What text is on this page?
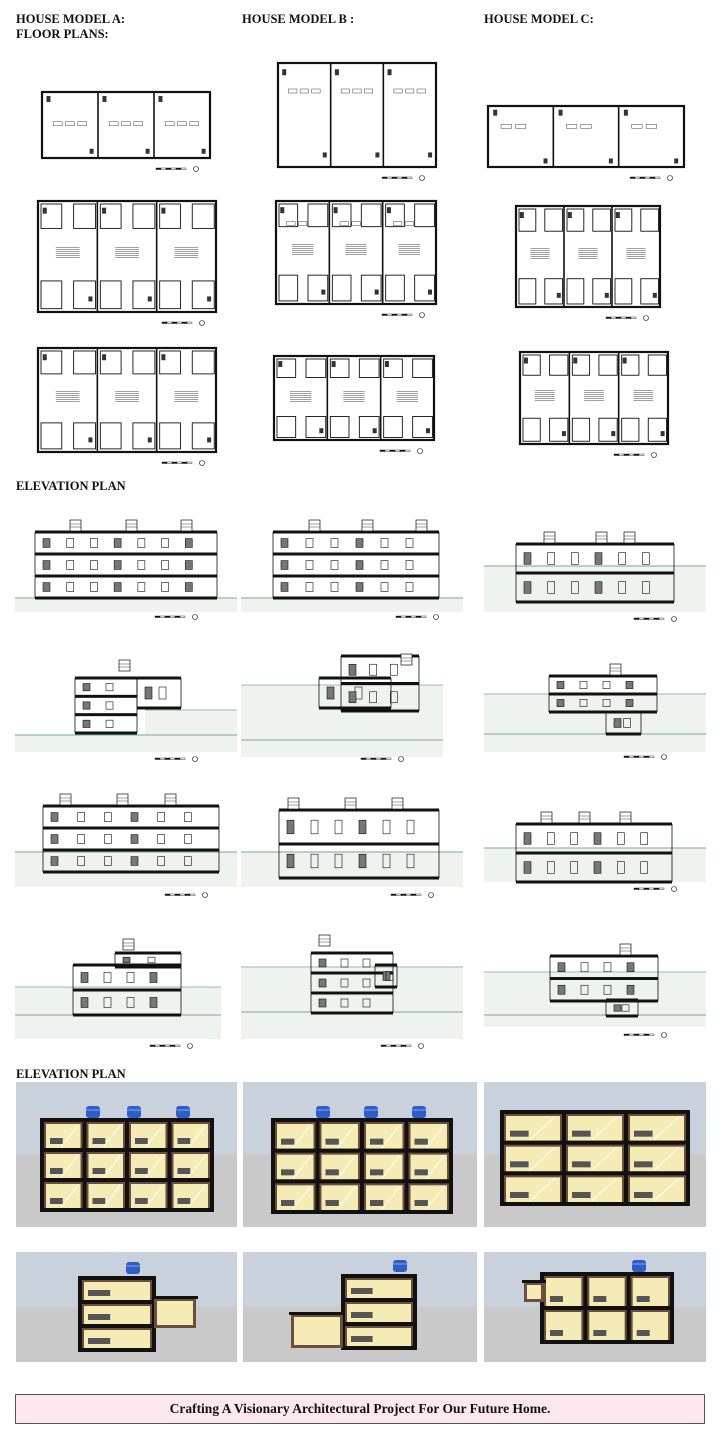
HOUSE MODEL A:
FLOOR PLANS:
HOUSE MODEL B :	HOUSE MODEL C:
ELEVATION PLAN
ELEVATION PLAN
Crafting A Visionary Architectural Project For Our Future Home.
